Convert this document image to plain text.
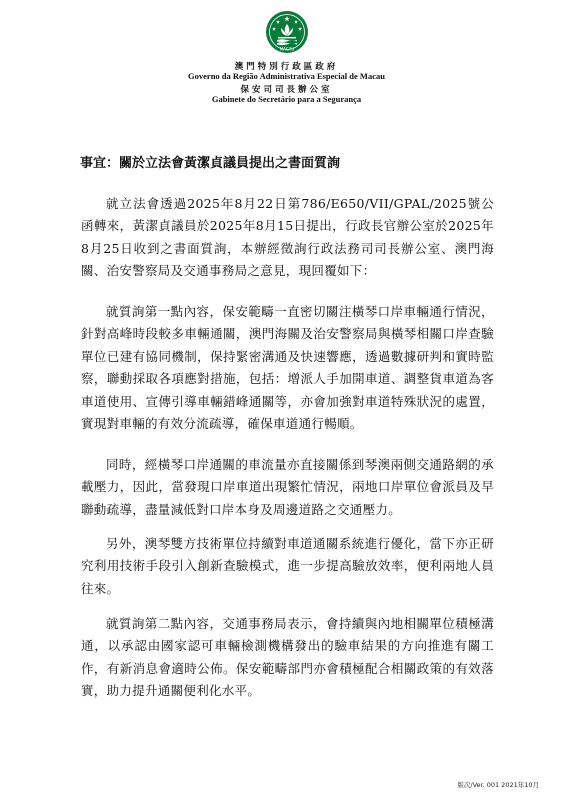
MACAU
澳門特別行政區政府
Governo da Região Administrativa Especial de Macau
保安司司長辦公室
Gabinete do Secretário para a Segurança
事宜：關於立法會黃潔貞議員提出之書面質詢

就立法會透過2025年8月22日第786/E650/VII/GPAL/2025號公函轉來，黃潔貞議員於2025年8月15日提出，行政長官辦公室於2025年8月25日收到之書面質詢，本辦經徵詢行政法務司司長辦公室、澳門海關、治安警察局及交通事務局之意見，現回覆如下：

就質詢第一點內容，保安範疇一直密切關注橫琴口岸車輛通行情況，針對高峰時段較多車輛通關，澳門海關及治安警察局與橫琴相關口岸查驗單位已建有協同機制，保持緊密溝通及快速響應，透過數據研判和實時監察，聯動採取各項應對措施，包括：增派人手加開車道、調整貨車道為客車道使用、宣傳引導車輛錯峰通關等，亦會加強對車道特殊狀況的處置，實現對車輛的有效分流疏導，確保車道通行暢順。

同時，經橫琴口岸通關的車流量亦直接關係到琴澳兩側交通路網的承載壓力，因此，當發現口岸車道出現繁忙情況，兩地口岸單位會派員及早聯動疏導，盡量減低對口岸本身及周邊道路之交通壓力。

另外，澳琴雙方技術單位持續對車道通關系統進行優化，當下亦正研究利用技術手段引入創新查驗模式，進一步提高驗放效率，便利兩地人員往來。

就質詢第二點內容，交通事務局表示，會持續與內地相關單位積極溝通，以承認由國家認可車輛檢測機構發出的驗車結果的方向推進有關工作，有新消息會適時公佈。保安範疇部門亦會積極配合相關政策的有效落實，助力提升通關便利化水平。

版次/Ver. 001 2021年10月
